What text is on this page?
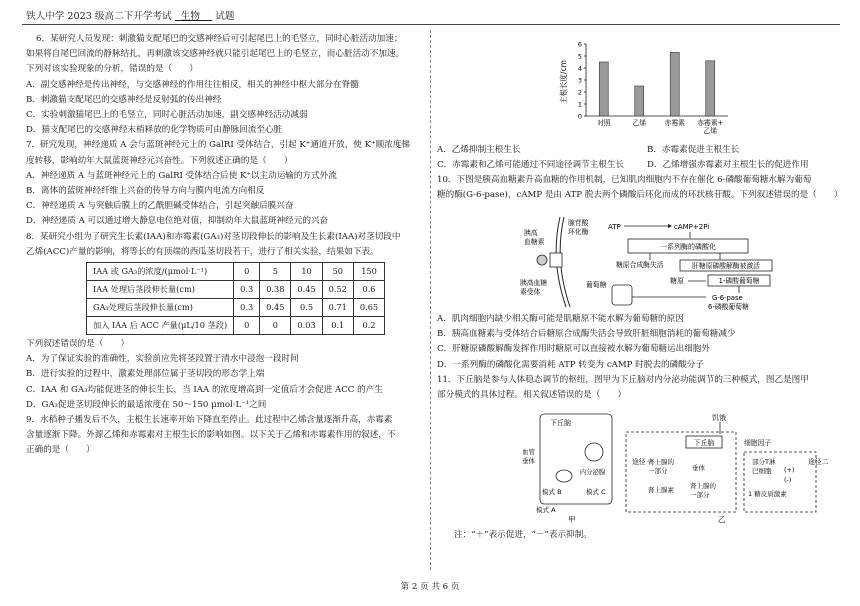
铁人中学 2023 级高二下开学考试 生物 试题

6．某研究人员发现：刺激猫支配尾巴的交感神经后可引起尾巴上的毛竖立，同时心脏活动加速；

如果将自尾巴回流的静脉结扎，再刺激该交感神经就只能引起尾巴上的毛竖立，而心脏活动不加速。

下列对该实验现象的分析，错误的是（　　）

A．副交感神经是传出神经，与交感神经的作用往往相反，相关的神经中枢大部分在脊髓

B．刺激猫支配尾巴的交感神经是反射弧的传出神经

C．实验刺激猫尾巴上的毛竖立，同时心脏活动加速，副交感神经活动减弱

D．猫支配尾巴的交感神经末梢释放的化学物质可由静脉回流至心脏

7．研究发现，神经递质 A 会与蓝斑神经元上的 GalRI 受体结合，引起 K⁺通道开放，使 K⁺顺浓度梯

度转移，影响幼年大鼠蓝斑神经元兴奋性。下列叙述正确的是（　　）

A．神经递质 A 与蓝斑神经元上的 GalRI 受体结合后使 K⁺以主动运输的方式外流

B．离体的蓝斑神经纤维上兴奋的传导方向与膜内电流方向相反

C．神经递质 A 与突触后膜上的乙酰胆碱受体结合，引起突触后膜兴奋

D．神经递质 A 可以通过增大静息电位绝对值，抑制幼年大鼠蓝斑神经元的兴奋

8．某研究小组为了研究生长素(IAA)和赤霉素(GA₃)对茎切段伸长的影响及生长素(IAA)对茎切段中

乙烯(ACC)产量的影响，将等长的有顶端的西瓜茎切段若干，进行了相关实验，结果如下表。

IAA 或 GA₃的浓度/(μmol·L⁻¹)	0	5	10	50	150
IAA 处理后茎段伸长量(cm)	0.3	0.38	0.45	0.52	0.6
GA₃处理后茎段伸长量(cm)	0.3	0.45	0.5	0.71	0.65
加入 IAA 后 ACC 产量(μL/10 茎段)	0	0	0.03	0.1	0.2

下列叙述错误的是（　　）

A．为了保证实验的准确性，实验前应先将茎段置于清水中浸泡一段时间

B．进行实验的过程中，激素处理部位属于茎切段的形态学上端

C．IAA 和 GA₃均能促进茎的伸长生长，当 IAA 的浓度增高到一定值后才会促进 ACC 的产生

D．GA₃促进茎切段伸长的最适浓度在 50～150 μmol·L⁻¹之间

9．水稻种子播发后不久，主根生长速率开始下降直至停止。此过程中乙烯含量逐渐升高，赤霉素

含量逐渐下降。外源乙烯和赤霉素对主根生长的影响如图。以下关于乙烯和赤霉素作用的叙述，不

正确的是（　　）

主根长度/cm
0
1
2
3
4
5
6
对照	乙烯	赤霉素 赤霉素+
乙烯
A．乙烯抑制主根生长	B．赤霉素促进主根生长
C．赤霉素和乙烯可能通过不同途径调节主根生长	D．乙烯增强赤霉素对主根生长的促进作用

10．下图是胰高血糖素升高血糖的作用机制，已知肌肉细胞内不存在催化 6-磷酸葡萄糖水解为葡萄

糖的酶(G-6-pase)，cAMP 是由 ATP 脱去两个磷酸后环化而成的环状核苷酸。下列叙述错误的是（　　）

胰高
血糖素
胰高血糖
素受体
腺苷酸
环化酶
ATP	cAMP+2Pi
一系列酶的磷酸化
糖原合成酶失活	肝糖原磷酸解酶被激活
糖原	1-磷酸葡萄糖
G-6-pase
6-磷酸葡萄糖
葡萄糖

A．肌肉细胞内缺少相关酶可能是肌糖原不能水解为葡萄糖的原因

B．胰高血糖素与受体结合后糖原合成酶失活会导致肝脏细胞消耗的葡萄糖减少

C．肝糖原磷酸解酶发挥作用时糖原可以直接被水解为葡萄糖运出细胞外

D．一系列酶的磷酸化需要消耗 ATP 转变为 cAMP 时脱去的磷酸分子

11．下丘脑是参与人体稳态调节的枢纽，图甲为下丘脑对内分泌功能调节的三种模式，图乙是图甲

部分模式的具体过程。相关叙述错误的是（　　）

下丘脑
血管
垂体
内分泌腺
模式 B	模式 C
模式 A
甲
饥饿
下丘脑	细胞因子
途径一
肾上腺的
一部分	垂体
肾上腺素 肾上腺的
一部分
部分T淋
巴细胞
1 糖皮质激素
(+)
(-)
途径二
乙
注：“＋”表示促进，“－”表示抑制。
第 2 页 共 6 页
